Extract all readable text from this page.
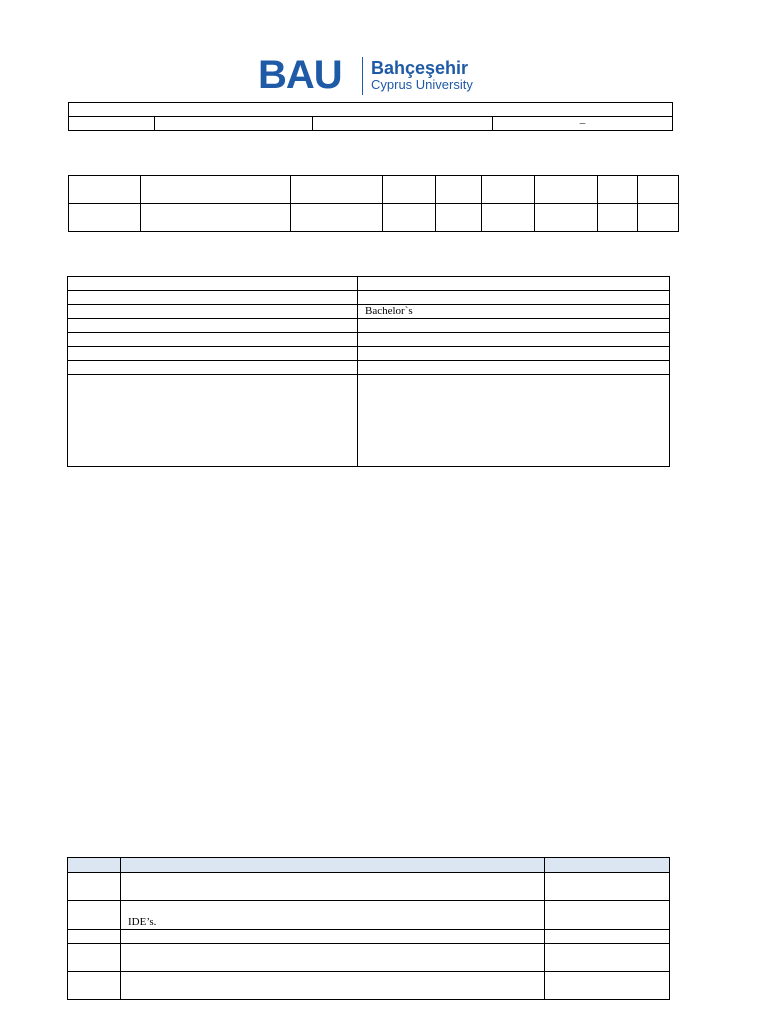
BAU Bahçeşehir
Cyprus University

			–

	Bachelor`s

	IDE’s.	
